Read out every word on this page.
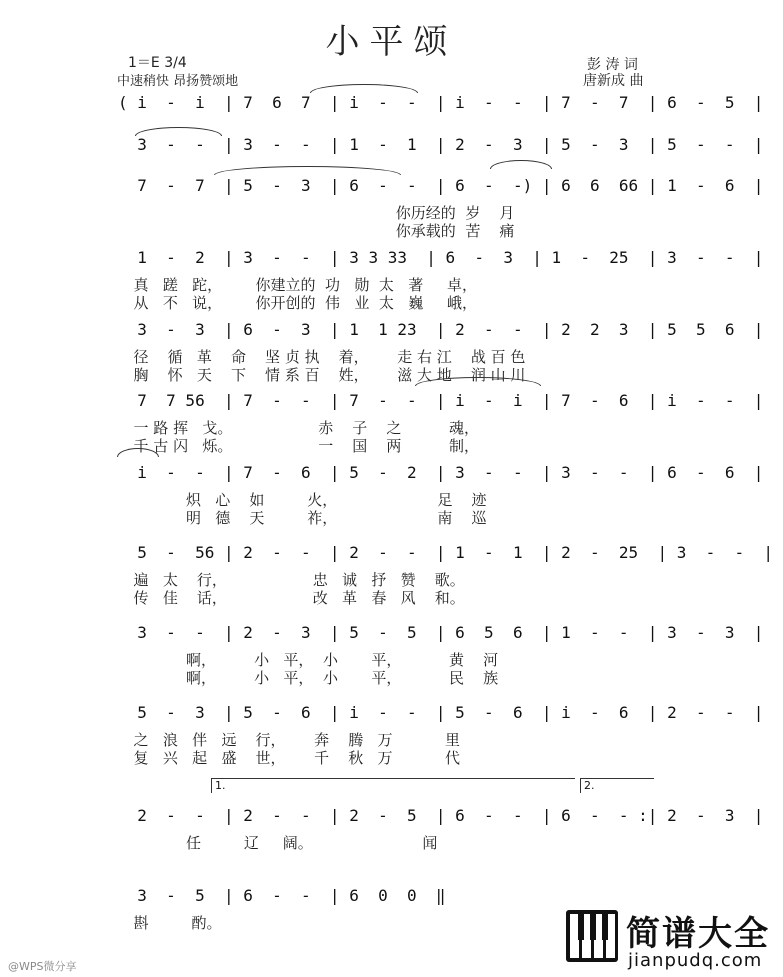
小平颂
1＝E 3/4
中速稍快 昂扬赞颂地
彭 涛 词
唐新成 曲
( i  -  i  | 7  6  7  | i  -  -  | i  -  -  | 7  -  7  | 6  -  5  |
3  -  -  | 3  -  -  | 1  -  1  | 2  -  3  | 5  -  3  | 5  -  -  |
7  -  7  | 5  -  3  | 6  -  -  | 6  -  -) | 6  6  66 | 1  -  6  |
你历经的  岁    月
你承载的  苦    痛
1  -  2  | 3  -  -  | 3 3 33  | 6  -  3  | 1  -  25  | 3  -  -  |
真   蹉   跎，       你建立的  功   勋  太   著     卓，
从   不   说，       你开创的  伟   业  太   巍     峨，
3  -  3  | 6  -  3  | 1  1 23  | 2  -  -  | 2  2  3  | 5  5  6  |
径    循   革    命    坚 贞 执    着，      走 右 江    战 百 色
胸    怀   天    下    情 系 百    姓，      滋 大 地    润 山 川
7  7 56  | 7  -  -  | 7  -  -  | i  -  i  | 7  -  6  | i  -  -  |
一 路 挥   戈。                  赤    子    之          魂，
千 古 闪   烁。                  一    国    两          制，
i  -  -  | 7  -  6  | 5  -  2  | 3  -  -  | 3  -  -  | 6  -  6  |
炽   心    如         火，                     足    迹
明   德    天         祚，                     南    巡
5  -  56 | 2  -  -  | 2  -  -  | 1  -  1  | 2  -  25  | 3  -  -  |
遍   太    行，                  忠   诚   抒   赞    歌。
传   佳    话，                  改   革   春   风    和。
3  -  -  | 2  -  3  | 5  -  5  | 6  5  6  | 1  -  -  | 3  -  3  |
啊，        小   平，  小       平，          黄    河
啊，        小   平，  小       平，          民    族
5  -  3  | 5  -  6  | i  -  -  | 5  -  6  | i  -  6  | 2  -  -  |
之   浪   伴   远    行，      奔    腾   万           里
复   兴   起   盛    世，      千    秋   万           代
2  -  -  | 2  -  -  | 2  -  5  | 6  -  -  | 6  -  - :| 2  -  3  |
任         辽     阔。                       闻
3  -  5  | 6  -  -  | 6  0  0  ‖
斟         酌。
1.	2.
简谱大全
jianpudq.com
@WPS微分享
